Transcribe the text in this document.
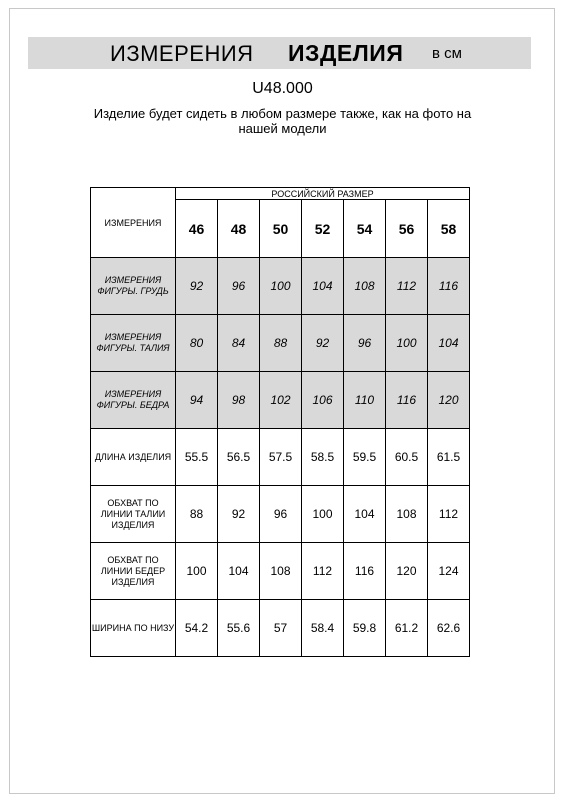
ИЗМЕРЕНИЯ ИЗДЕЛИЯ в см
U48.000
Изделие будет сидеть в любом размере также, как на фото на нашей модели
ИЗМЕРЕНИЯ	РОССИЙСКИЙ РАЗМЕР						
	46	48	50	52	54	56	58
ИЗМЕРЕНИЯ ФИГУРЫ. ГРУДЬ	92	96	100	104	108	112	116
ИЗМЕРЕНИЯ ФИГУРЫ. ТАЛИЯ	80	84	88	92	96	100	104
ИЗМЕРЕНИЯ ФИГУРЫ. БЕДРА	94	98	102	106	110	116	120
ДЛИНА ИЗДЕЛИЯ	55.5	56.5	57.5	58.5	59.5	60.5	61.5
ОБХВАТ ПО ЛИНИИ ТАЛИИ ИЗДЕЛИЯ	88	92	96	100	104	108	112
ОБХВАТ ПО ЛИНИИ БЕДЕР ИЗДЕЛИЯ	100	104	108	112	116	120	124
ШИРИНА ПО НИЗУ	54.2	55.6	57	58.4	59.8	61.2	62.6
